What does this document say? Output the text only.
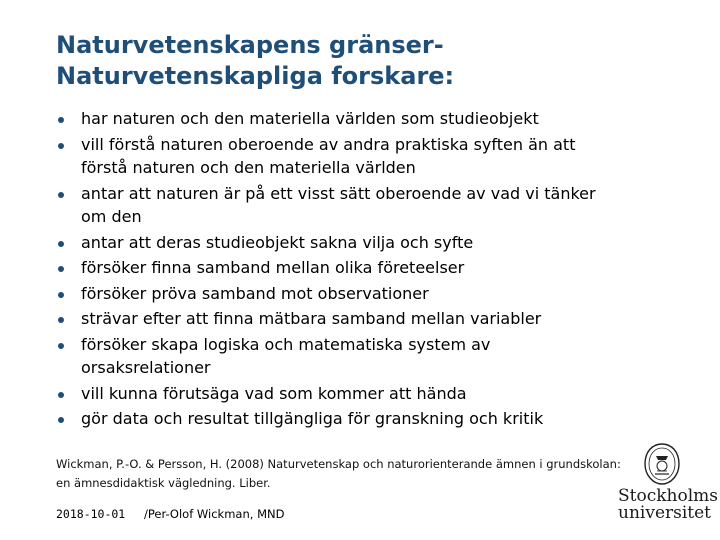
Naturvetenskapens gränser-
Naturvetenskapliga forskare:
har naturen och den materiella världen som studieobjekt
vill förstå naturen oberoende av andra praktiska syften än att
förstå naturen och den materiella världen
antar att naturen är på ett visst sätt oberoende av vad vi tänker
om den
antar att deras studieobjekt sakna vilja och syfte
försöker finna samband mellan olika företeelser
försöker pröva samband mot observationer
strävar efter att finna mätbara samband mellan variabler
försöker skapa logiska och matematiska system av
orsaksrelationer
vill kunna förutsäga vad som kommer att hända
gör data och resultat tillgängliga för granskning och kritik
Wickman, P.-O. & Persson, H. (2008) Naturvetenskap och naturorienterande ämnen i grundskolan:
en ämnesdidaktisk vägledning. Liber.
2018-10-01 /Per-Olof Wickman, MND
Stockholms
universitet
